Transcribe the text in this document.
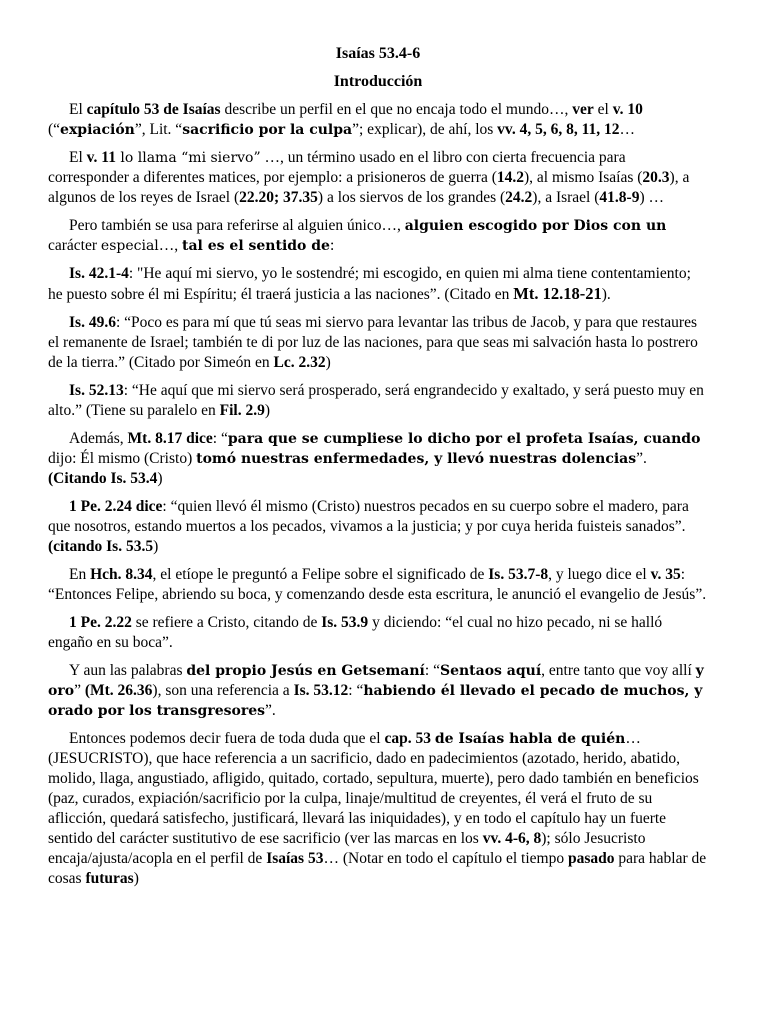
Isaías 53.4-6
Introducción

El capítulo 53 de Isaías describe un perfil en el que no encaja todo el mundo…, ver el v. 10 (“expiación”, Lit. “sacrificio por la culpa”; explicar), de ahí, los vv. 4, 5, 6, 8, 11, 12…

El v. 11 lo llama “mi siervo” …, un término usado en el libro con cierta frecuencia para corresponder a diferentes matices, por ejemplo: a prisioneros de guerra (14.2), al mismo Isaías (20.3), a algunos de los reyes de Israel (22.20; 37.35) a los siervos de los grandes (24.2), a Israel (41.8-9) …

Pero también se usa para referirse al alguien único…, alguien escogido por Dios con un carácter especial…, tal es el sentido de:

Is. 42.1-4: "He aquí mi siervo, yo le sostendré; mi escogido, en quien mi alma tiene contentamiento; he puesto sobre él mi Espíritu; él traerá justicia a las naciones”. (Citado en Mt. 12.18-21).

Is. 49.6: “Poco es para mí que tú seas mi siervo para levantar las tribus de Jacob, y para que restaures el remanente de Israel; también te di por luz de las naciones, para que seas mi salvación hasta lo postrero de la tierra.” (Citado por Simeón en Lc. 2.32)

Is. 52.13: “He aquí que mi siervo será prosperado, será engrandecido y exaltado, y será puesto muy en alto.” (Tiene su paralelo en Fil. 2.9)

Además, Mt. 8.17 dice: “para que se cumpliese lo dicho por el profeta Isaías, cuando dijo: Él mismo (Cristo) tomó nuestras enfermedades, y llevó nuestras dolencias”. (Citando Is. 53.4)

1 Pe. 2.24 dice: “quien llevó él mismo (Cristo) nuestros pecados en su cuerpo sobre el madero, para que nosotros, estando muertos a los pecados, vivamos a la justicia; y por cuya herida fuisteis sanados”. (citando Is. 53.5)

En Hch. 8.34, el etíope le preguntó a Felipe sobre el significado de Is. 53.7-8, y luego dice el v. 35: “Entonces Felipe, abriendo su boca, y comenzando desde esta escritura, le anunció el evangelio de Jesús”.

1 Pe. 2.22 se refiere a Cristo, citando de Is. 53.9 y diciendo: “el cual no hizo pecado, ni se halló engaño en su boca”.

Y aun las palabras del propio Jesús en Getsemaní: “Sentaos aquí, entre tanto que voy allí y oro” (Mt. 26.36), son una referencia a Is. 53.12: “habiendo él llevado el pecado de muchos, y orado por los transgresores”.

Entonces podemos decir fuera de toda duda que el cap. 53 de Isaías habla de quién…(JESUCRISTO), que hace referencia a un sacrificio, dado en padecimientos (azotado, herido, abatido, molido, llaga, angustiado, afligido, quitado, cortado, sepultura, muerte), pero dado también en beneficios (paz, curados, expiación/sacrificio por la culpa, linaje/multitud de creyentes, él verá el fruto de su aflicción, quedará satisfecho, justificará, llevará las iniquidades), y en todo el capítulo hay un fuerte sentido del carácter sustitutivo de ese sacrificio (ver las marcas en los vv. 4-6, 8); sólo Jesucristo encaja/ajusta/acopla en el perfil de Isaías 53… (Notar en todo el capítulo el tiempo pasado para hablar de cosas futuras)
